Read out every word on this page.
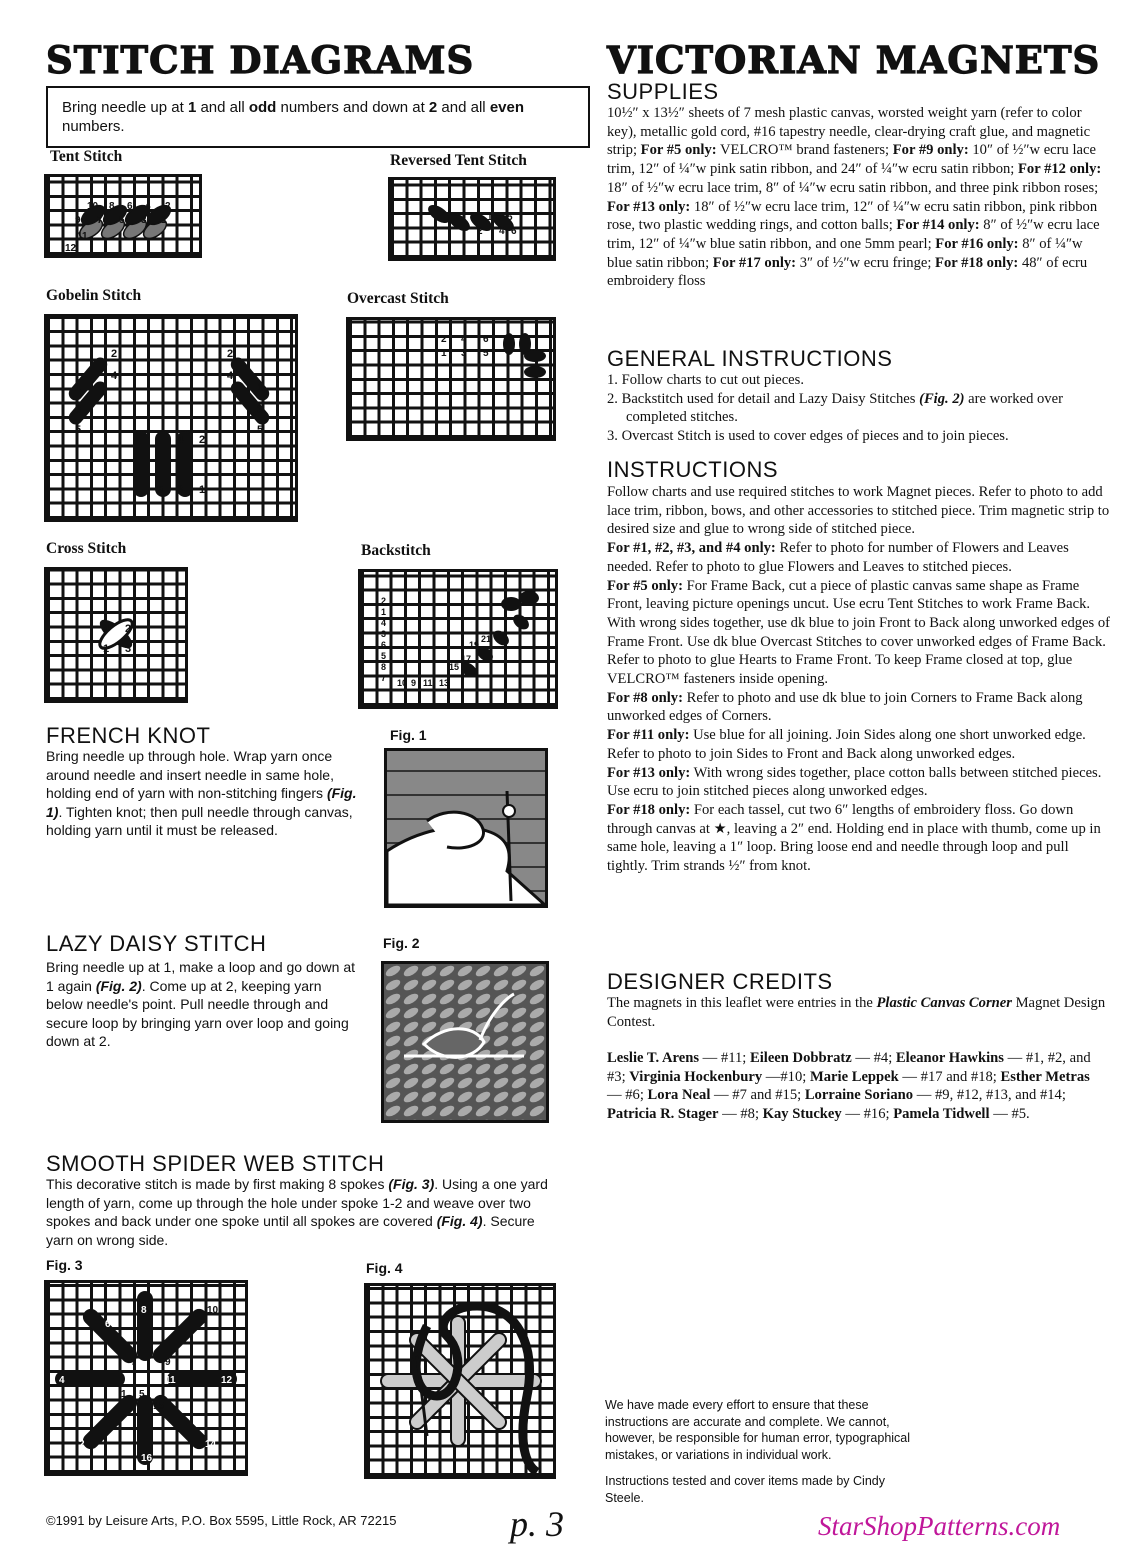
STITCH DIAGRAMS
Bring needle up at 1 and all odd numbers and down at 2 and all even numbers.
Tent Stitch
10 8 6 4 2
9 7 5 3 1
12
11
Reversed Tent Stitch
1 3 5
2 4 6
Gobelin Stitch
2
4
1
3
5
2
4
1
3
5
4 2
5 3 1
Overcast Stitch
2 4 6
1 3 5
Cross Stitch
4 2
1 3
Backstitch
2
1
4
3
6
5
8
7 10 9 11 13
15
17
19
21
FRENCH KNOT
Bring needle up through hole. Wrap yarn once around needle and insert needle in same hole, holding end of yarn with non-stitching fingers (Fig. 1). Tighten knot; then pull needle through canvas, holding yarn until it must be released.
Fig. 1
LAZY DAISY STITCH
Bring needle up at 1, make a loop and go down at 1 again (Fig. 2). Come up at 2, keeping yarn below needle's point. Pull needle through and secure loop by bringing yarn over loop and going down at 2.
Fig. 2
SMOOTH SPIDER WEB STITCH
This decorative stitch is made by first making 8 spokes (Fig. 3). Using a one yard length of yarn, come up through the hole under spoke 1-2 and weave over two spokes and back under one spoke until all spokes are covered (Fig. 4). Secure yarn on wrong side.
Fig. 3
8
6
10
9
7
4	3	11	12
1 5
15
2	14
16
Fig. 4
©1991 by Leisure Arts, P.O. Box 5595, Little Rock, AR 72215	p. 3
VICTORIAN MAGNETS
SUPPLIES
10½″ x 13½″ sheets of 7 mesh plastic canvas, worsted weight yarn (refer to color key), metallic gold cord, #16 tapestry needle, clear-drying craft glue, and magnetic strip; For #5 only: VELCRO™ brand fasteners; For #9 only: 10″ of ½″w ecru lace trim, 12″ of ¼″w pink satin ribbon, and 24″ of ¼″w ecru satin ribbon; For #12 only: 18″ of ½″w ecru lace trim, 8″ of ¼″w ecru satin ribbon, and three pink ribbon roses; For #13 only: 18″ of ½″w ecru lace trim, 12″ of ¼″w ecru satin ribbon, pink ribbon rose, two plastic wedding rings, and cotton balls; For #14 only: 8″ of ½″w ecru lace trim, 12″ of ¼″w blue satin ribbon, and one 5mm pearl; For #16 only: 8″ of ¼″w blue satin ribbon; For #17 only: 3″ of ½″w ecru fringe; For #18 only: 48″ of ecru embroidery floss
GENERAL INSTRUCTIONS
1. Follow charts to cut out pieces.
2. Backstitch used for detail and Lazy Daisy Stitches (Fig. 2) are worked over completed stitches.
3. Overcast Stitch is used to cover edges of pieces and to join pieces.
INSTRUCTIONS
Follow charts and use required stitches to work Magnet pieces. Refer to photo to add lace trim, ribbon, bows, and other accessories to stitched piece. Trim magnetic strip to desired size and glue to wrong side of stitched piece.
For #1, #2, #3, and #4 only: Refer to photo for number of Flowers and Leaves needed. Refer to photo to glue Flowers and Leaves to stitched pieces.
For #5 only: For Frame Back, cut a piece of plastic canvas same shape as Frame Front, leaving picture openings uncut. Use ecru Tent Stitches to work Frame Back. With wrong sides together, use dk blue to join Front to Back along unworked edges of Frame Front. Use dk blue Overcast Stitches to cover unworked edges of Frame Back. Refer to photo to glue Hearts to Frame Front. To keep Frame closed at top, glue VELCRO™ fasteners inside opening.
For #8 only: Refer to photo and use dk blue to join Corners to Frame Back along unworked edges of Corners.
For #11 only: Use blue for all joining. Join Sides along one short unworked edge. Refer to photo to join Sides to Front and Back along unworked edges.
For #13 only: With wrong sides together, place cotton balls between stitched pieces. Use ecru to join stitched pieces along unworked edges.
For #18 only: For each tassel, cut two 6″ lengths of embroidery floss. Go down through canvas at ★, leaving a 2″ end. Holding end in place with thumb, come up in same hole, leaving a 1″ loop. Bring loose end and needle through loop and pull tightly. Trim strands ½″ from knot.
DESIGNER CREDITS
The magnets in this leaflet were entries in the Plastic Canvas Corner Magnet Design Contest.
Leslie T. Arens — #11; Eileen Dobbratz — #4; Eleanor Hawkins — #1, #2, and #3; Virginia Hockenbury —#10; Marie Leppek — #17 and #18; Esther Metras — #6; Lora Neal — #7 and #15; Lorraine Soriano — #9, #12, #13, and #14; Patricia R. Stager — #8; Kay Stuckey — #16; Pamela Tidwell — #5.
We have made every effort to ensure that these instructions are accurate and complete. We cannot, however, be responsible for human error, typographical mistakes, or variations in individual work.
Instructions tested and cover items made by Cindy Steele.
StarShopPatterns.com
